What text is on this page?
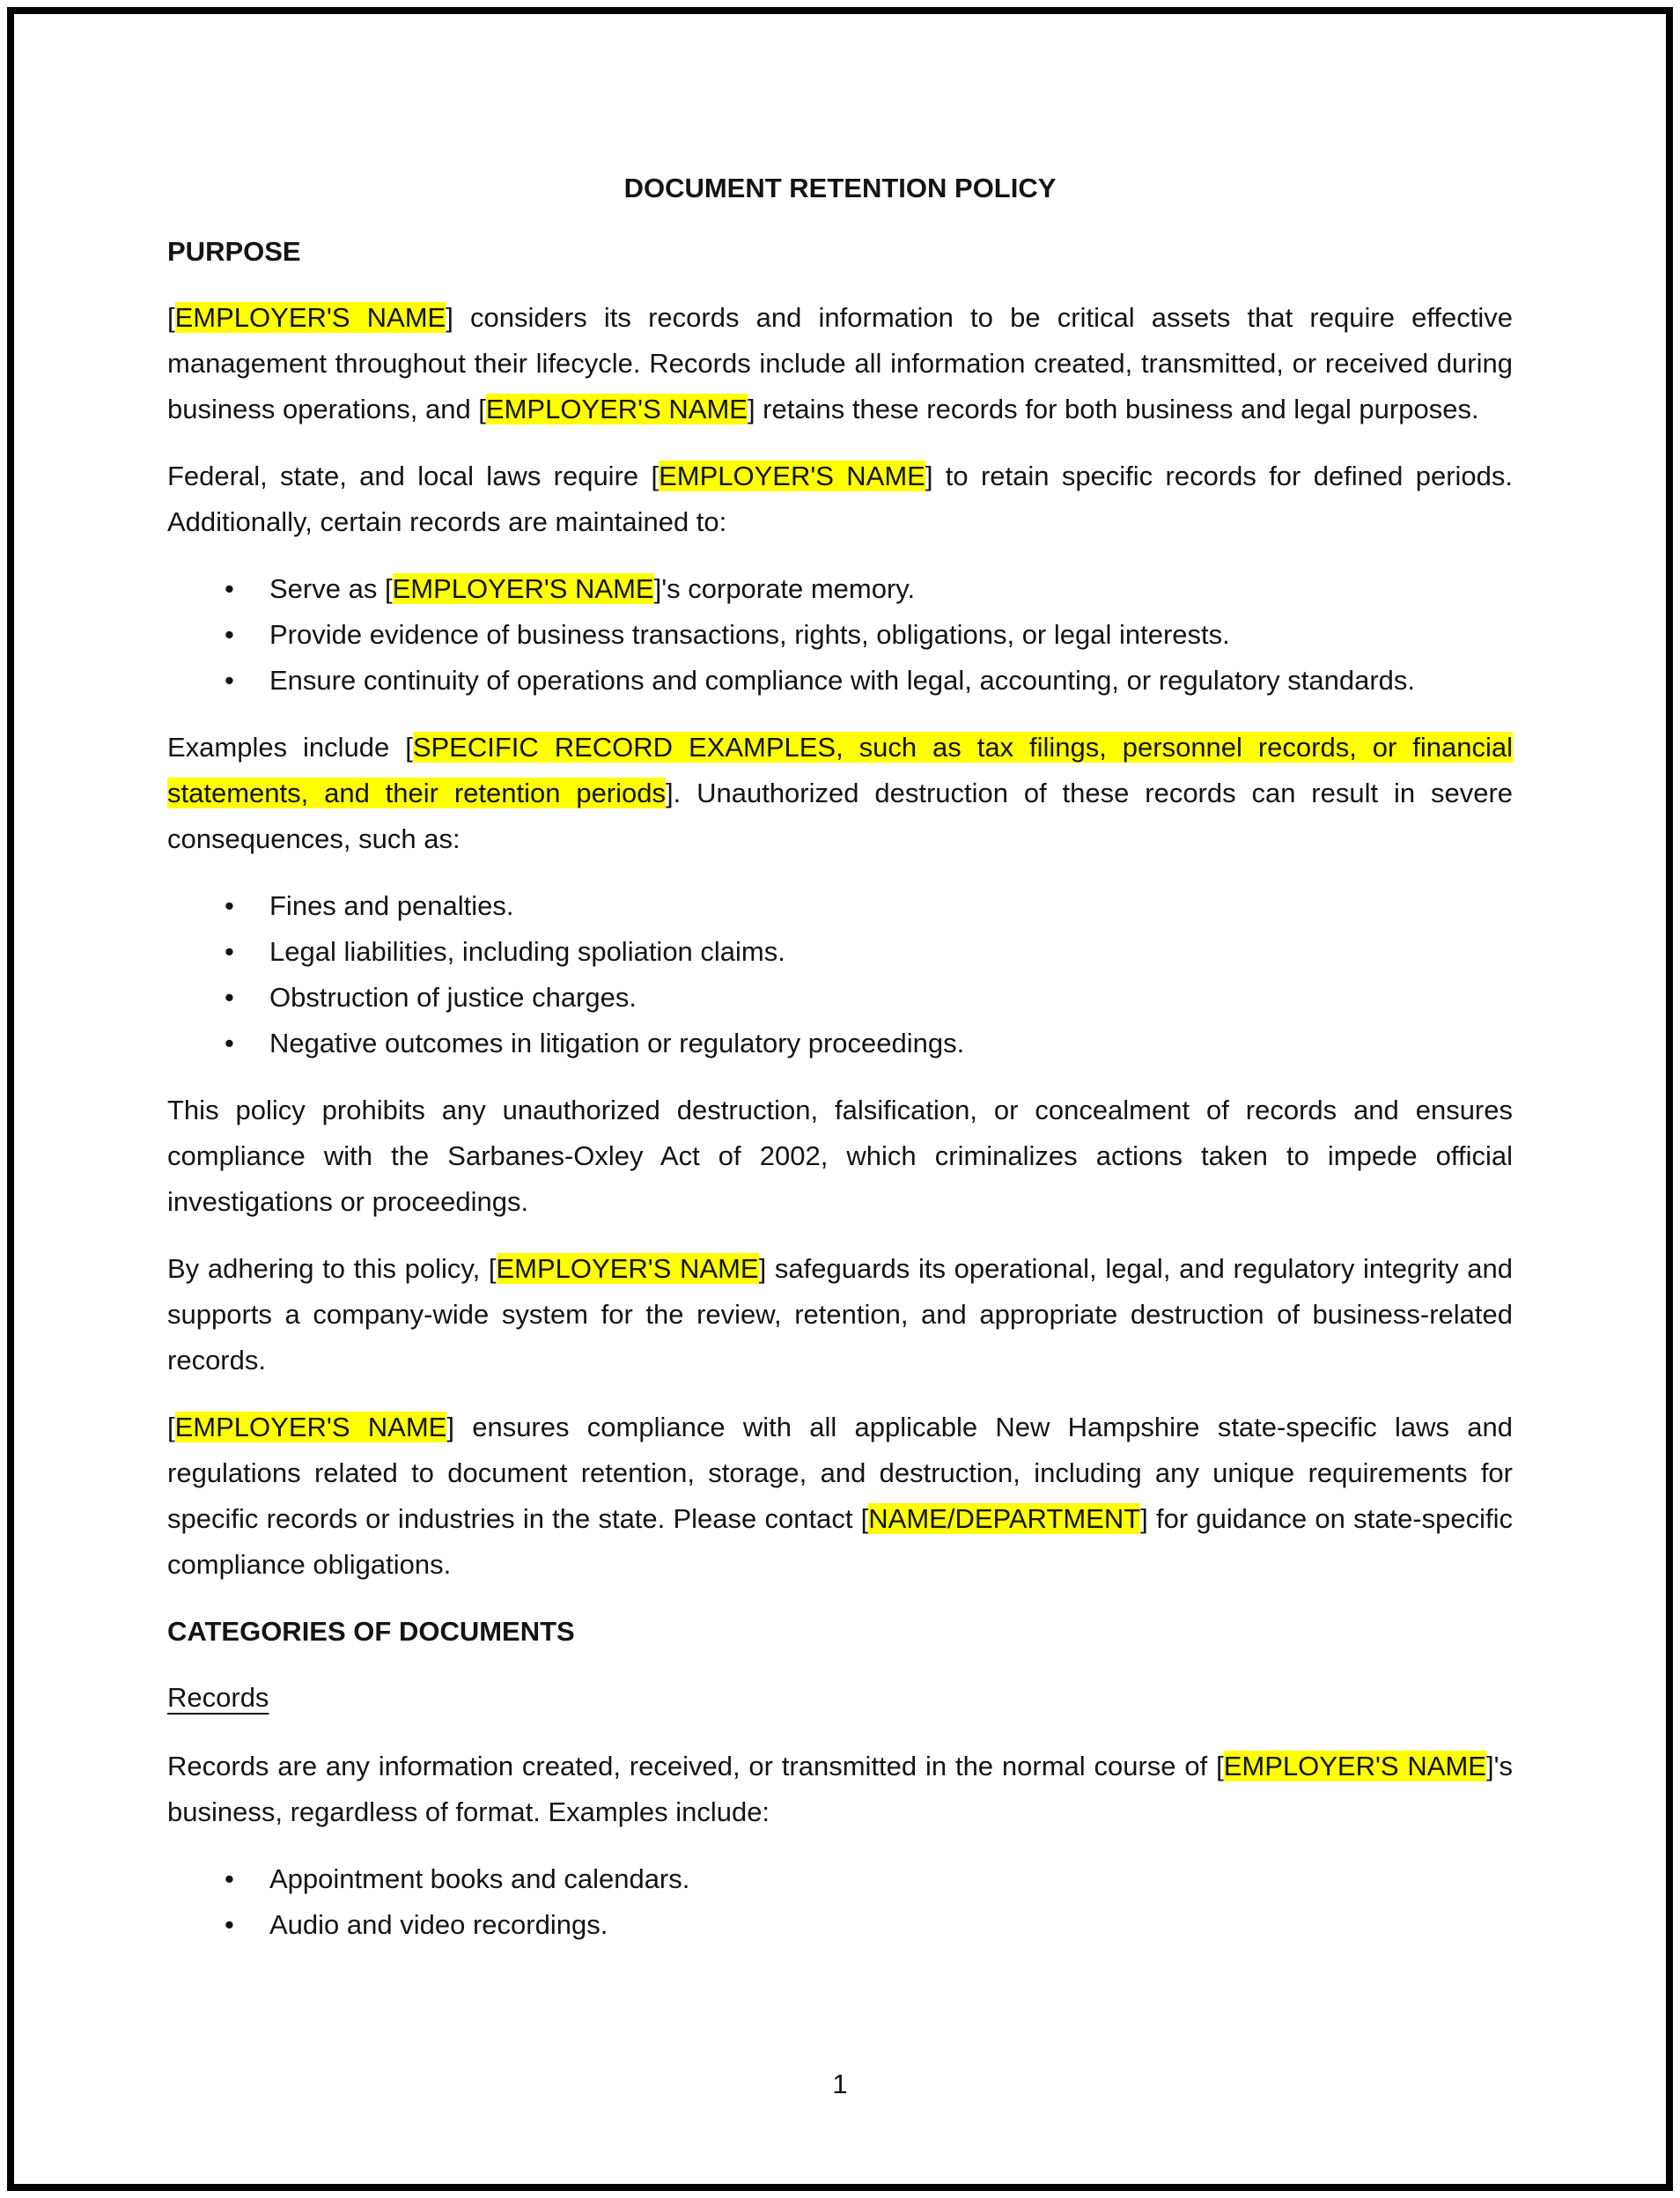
DOCUMENT RETENTION POLICY

PURPOSE

[EMPLOYER'S NAME] considers its records and information to be critical assets that require effective management throughout their lifecycle. Records include all information created, transmitted, or received during business operations, and [EMPLOYER'S NAME] retains these records for both business and legal purposes.

Federal, state, and local laws require [EMPLOYER'S NAME] to retain specific records for defined periods. Additionally, certain records are maintained to:

• Serve as [EMPLOYER'S NAME]'s corporate memory.
• Provide evidence of business transactions, rights, obligations, or legal interests.
• Ensure continuity of operations and compliance with legal, accounting, or regulatory standards.

Examples include [SPECIFIC RECORD EXAMPLES, such as tax filings, personnel records, or financial statements, and their retention periods]. Unauthorized destruction of these records can result in severe consequences, such as:

• Fines and penalties.
• Legal liabilities, including spoliation claims.
• Obstruction of justice charges.
• Negative outcomes in litigation or regulatory proceedings.

This policy prohibits any unauthorized destruction, falsification, or concealment of records and ensures compliance with the Sarbanes-Oxley Act of 2002, which criminalizes actions taken to impede official investigations or proceedings.

By adhering to this policy, [EMPLOYER'S NAME] safeguards its operational, legal, and regulatory integrity and supports a company-wide system for the review, retention, and appropriate destruction of business-related records.

[EMPLOYER'S NAME] ensures compliance with all applicable New Hampshire state-specific laws and regulations related to document retention, storage, and destruction, including any unique requirements for specific records or industries in the state. Please contact [NAME/DEPARTMENT] for guidance on state-specific compliance obligations.

CATEGORIES OF DOCUMENTS

Records

Records are any information created, received, or transmitted in the normal course of [EMPLOYER'S NAME]'s business, regardless of format. Examples include:

• Appointment books and calendars.
• Audio and video recordings.
1
